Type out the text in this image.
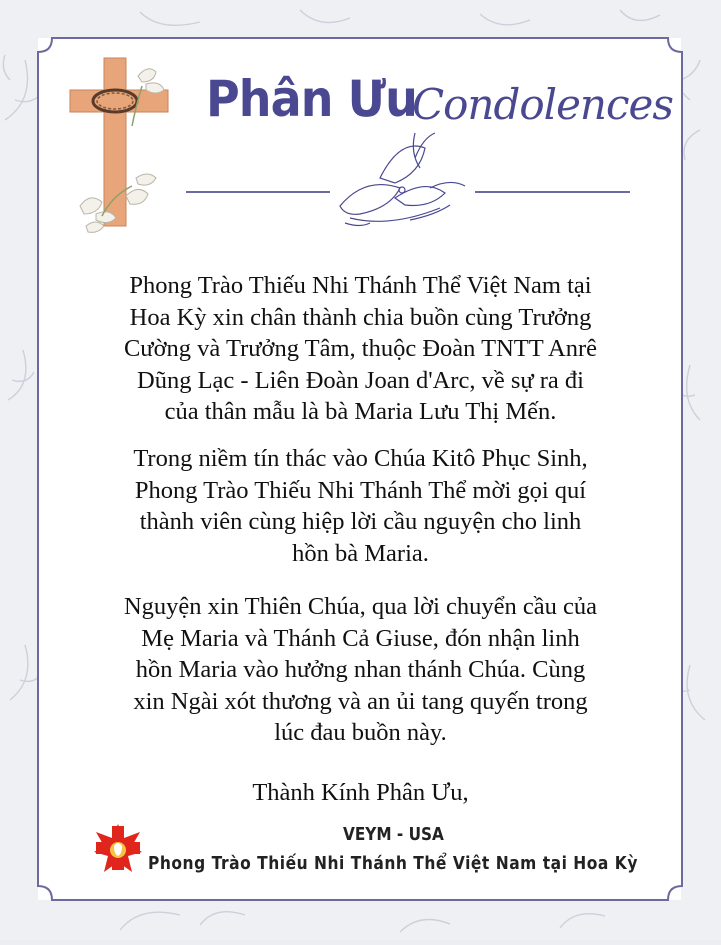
Phân Ưu
Condolences
Phong Trào Thiếu Nhi Thánh Thể Việt Nam tại
Hoa Kỳ xin chân thành chia buồn cùng Trưởng
Cường và Trưởng Tâm, thuộc Đoàn TNTT Anrê
Dũng Lạc - Liên Đoàn Joan d'Arc, về sự ra đi
của thân mẫu là bà Maria Lưu Thị Mến.
Trong niềm tín thác vào Chúa Kitô Phục Sinh,
Phong Trào Thiếu Nhi Thánh Thể mời gọi quí
thành viên cùng hiệp lời cầu nguyện cho linh
hồn bà Maria.
Nguyện xin Thiên Chúa, qua lời chuyển cầu của
Mẹ Maria và Thánh Cả Giuse, đón nhận linh
hồn Maria vào hưởng nhan thánh Chúa. Cùng
xin Ngài xót thương và an ủi tang quyến trong
lúc đau buồn này.
Thành Kính Phân Ưu,
VEYM - USA
Phong Trào Thiếu Nhi Thánh Thể Việt Nam tại Hoa Kỳ
